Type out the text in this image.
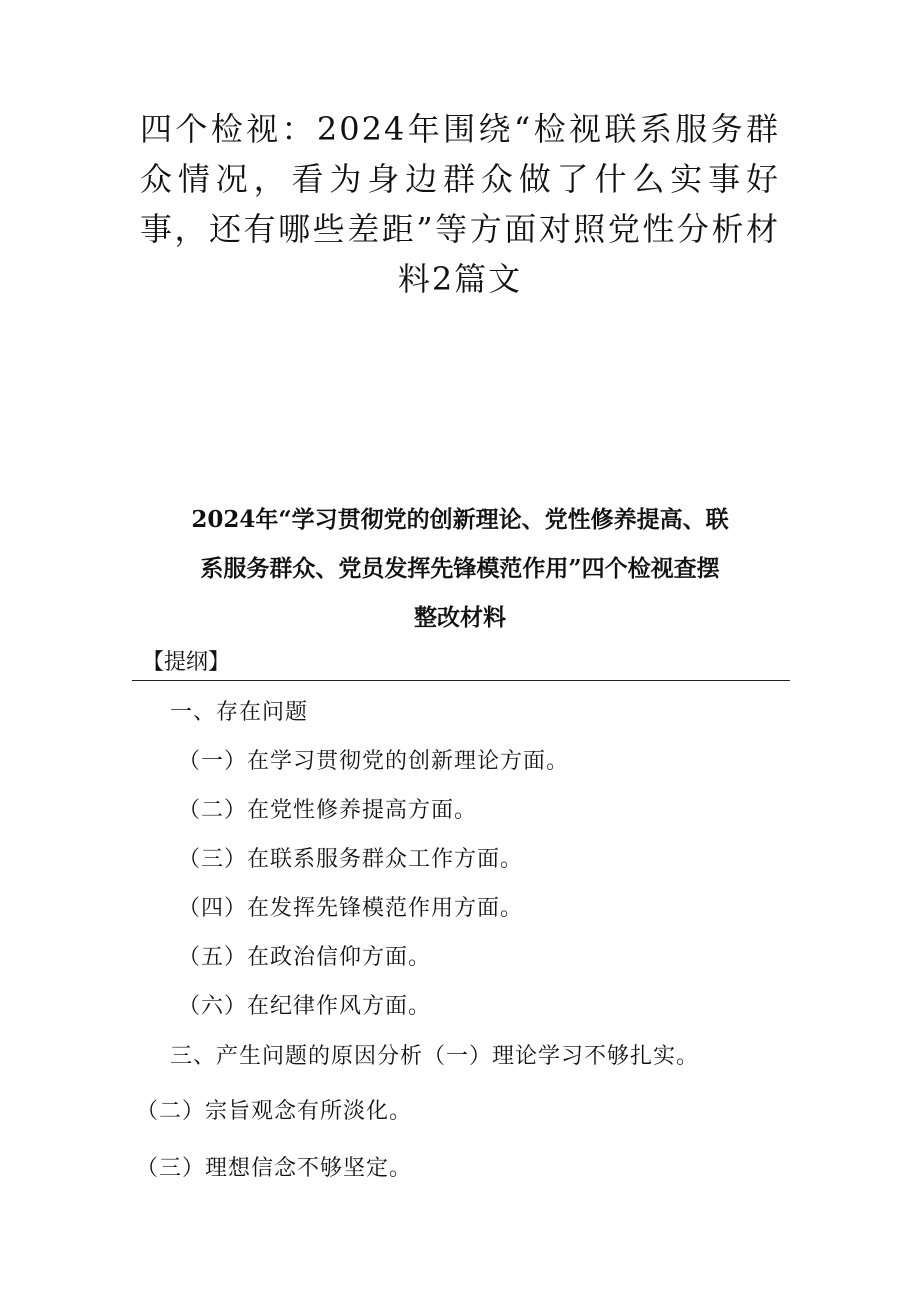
四个检视：2024年围绕“检视联系服务群众情况，看为身边群众做了什么实事好事，还有哪些差距”等方面对照党性分析材料2篇文
2024年“学习贯彻党的创新理论、党性修养提高、联
系服务群众、党员发挥先锋模范作用”四个检视查摆
整改材料
【提纲】
一、存在问题
（一）在学习贯彻党的创新理论方面。
（二）在党性修养提高方面。
（三）在联系服务群众工作方面。
（四）在发挥先锋模范作用方面。
（五）在政治信仰方面。
（六）在纪律作风方面。
三、产生问题的原因分析（一）理论学习不够扎实。
（二）宗旨观念有所淡化。
（三）理想信念不够坚定。
